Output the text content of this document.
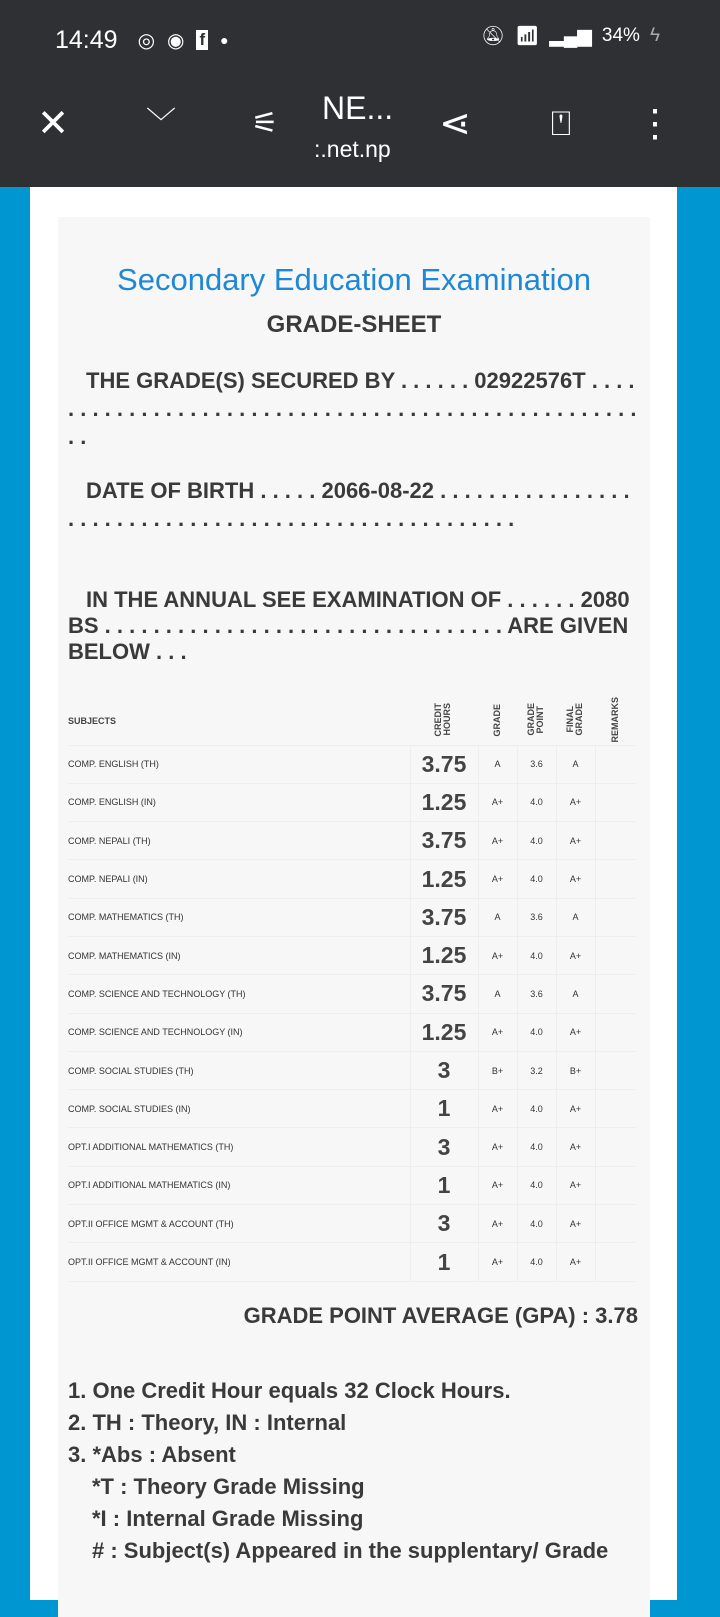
14:49 ◎ ◉ f ●	🔕︎ 📶︎ ▂▄▆ 34% ϟ
✕	﹀	⚟	NE...
:.net.np
⋖	⍞	⋮
Secondary Education Examination
GRADE-SHEET
THE GRADE(S) SECURED BY . . . . . . 02922576T . . . . . . . . . . . . . . . . . . . . . . . . . . . . . . . . . . . . . . . . . . . . . . . . . . . . .
DATE OF BIRTH . . . . . 2066-08-22 . . . . . . . . . . . . . . . . . . . . . . . . . . . . . . . . . . . . . . . . . . . . . . . . . . . . .
IN THE ANNUAL SEE EXAMINATION OF . . . . . . 2080 BS . . . . . . . . . . . . . . . . . . . . . . . . . . . . . . . . . ARE GIVEN BELOW . . .
SUBJECTS	CREDIT HOURS	GRADE	GRADE POINT	FINAL GRADE	REMARKS
COMP. ENGLISH (TH)	3.75	A	3.6	A	
COMP. ENGLISH (IN)	1.25	A+	4.0	A+	
COMP. NEPALI (TH)	3.75	A+	4.0	A+	
COMP. NEPALI (IN)	1.25	A+	4.0	A+	
COMP. MATHEMATICS (TH)	3.75	A	3.6	A	
COMP. MATHEMATICS (IN)	1.25	A+	4.0	A+	
COMP. SCIENCE AND TECHNOLOGY (TH)	3.75	A	3.6	A	
COMP. SCIENCE AND TECHNOLOGY (IN)	1.25	A+	4.0	A+	
COMP. SOCIAL STUDIES (TH)	3	B+	3.2	B+	
COMP. SOCIAL STUDIES (IN)	1	A+	4.0	A+	
OPT.I ADDITIONAL MATHEMATICS (TH)	3	A+	4.0	A+	
OPT.I ADDITIONAL MATHEMATICS (IN)	1	A+	4.0	A+	
OPT.II OFFICE MGMT & ACCOUNT (TH)	3	A+	4.0	A+	
OPT.II OFFICE MGMT & ACCOUNT (IN)	1	A+	4.0	A+	
GRADE POINT AVERAGE (GPA) : 3.78
1. One Credit Hour equals 32 Clock Hours.
2. TH : Theory, IN : Internal
3. *Abs : Absent
*T : Theory Grade Missing
*I : Internal Grade Missing
# : Subject(s) Appeared in the supplentary/ Grade
